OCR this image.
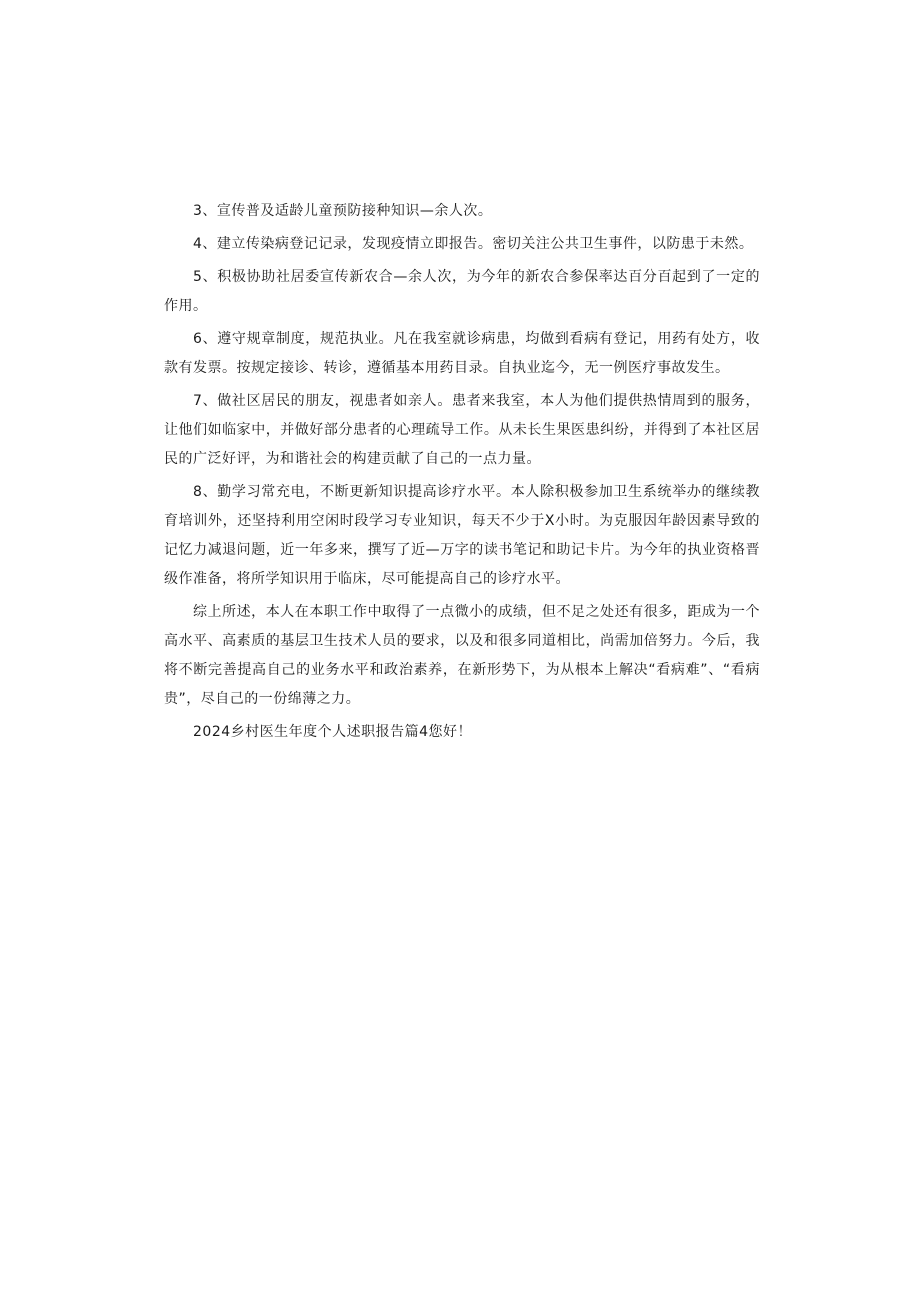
3、宣传普及适龄儿童预防接种知识—余人次。

4、建立传染病登记记录，发现疫情立即报告。密切关注公共卫生事件，以防患于未然。

5、积极协助社居委宣传新农合—余人次，为今年的新农合参保率达百分百起到了一定的作用。

6、遵守规章制度，规范执业。凡在我室就诊病患，均做到看病有登记，用药有处方，收款有发票。按规定接诊、转诊，遵循基本用药目录。自执业迄今，无一例医疗事故发生。

7、做社区居民的朋友，视患者如亲人。患者来我室，本人为他们提供热情周到的服务，让他们如临家中，并做好部分患者的心理疏导工作。从未长生果医患纠纷，并得到了本社区居民的广泛好评，为和谐社会的构建贡献了自己的一点力量。

8、勤学习常充电，不断更新知识提高诊疗水平。本人除积极参加卫生系统举办的继续教育培训外，还坚持利用空闲时段学习专业知识，每天不少于X小时。为克服因年龄因素导致的记忆力减退问题，近一年多来，撰写了近—万字的读书笔记和助记卡片。为今年的执业资格晋级作准备，将所学知识用于临床，尽可能提高自己的诊疗水平。

综上所述，本人在本职工作中取得了一点微小的成绩，但不足之处还有很多，距成为一个高水平、高素质的基层卫生技术人员的要求，以及和很多同道相比，尚需加倍努力。今后，我将不断完善提高自己的业务水平和政治素养，在新形势下，为从根本上解决“看病难”、“看病贵”，尽自己的一份绵薄之力。

2024乡村医生年度个人述职报告篇4您好！
